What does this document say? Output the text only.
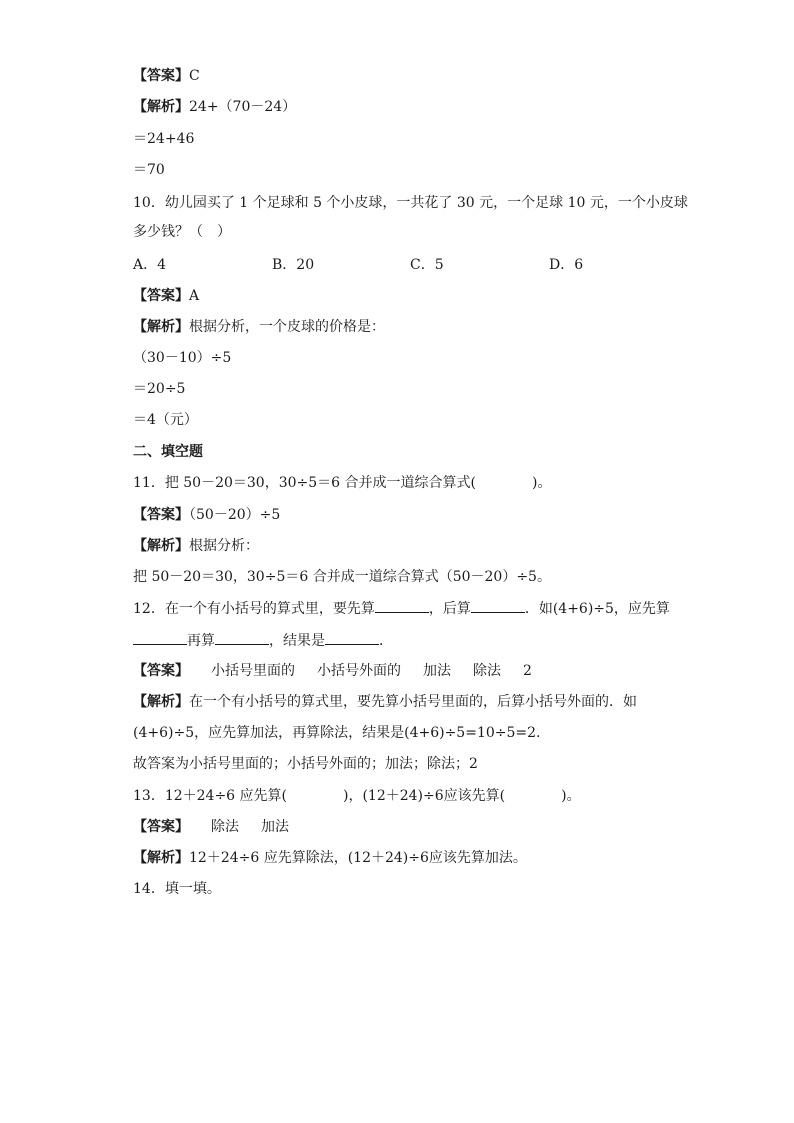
【答案】C
【解析】24+（70－24）
＝24+46
＝70
10．幼儿园买了 1 个足球和 5 个小皮球，一共花了 30 元，一个足球 10 元，一个小皮球
多少钱？（　）
A．4	B．20	C．5	D．6
【答案】A
【解析】根据分析，一个皮球的价格是：
（30－10）÷5
＝20÷5
＝4（元）
二、填空题
11．把 50－20＝30，30÷5＝6 合并成一道综合算式(　　　　)。
【答案】（50－20）÷5
【解析】根据分析：
把 50－20＝30，30÷5＝6 合并成一道综合算式（50－20）÷5。
12．在一个有小括号的算式里，要先算	，后算	．如(4+6)÷5，应先算
再算	，结果是	．
【答案】 小括号里面的 小括号外面的 加法 除法 2
【解析】在一个有小括号的算式里，要先算小括号里面的，后算小括号外面的．如
(4+6)÷5，应先算加法，再算除法，结果是(4+6)÷5=10÷5=2.
故答案为小括号里面的；小括号外面的；加法；除法；2
13．12＋24÷6 应先算(　　　　)，(12＋24)÷6应该先算(　　　　)。
【答案】 除法 加法
【解析】12＋24÷6 应先算除法，(12＋24)÷6应该先算加法。
14．填一填。
